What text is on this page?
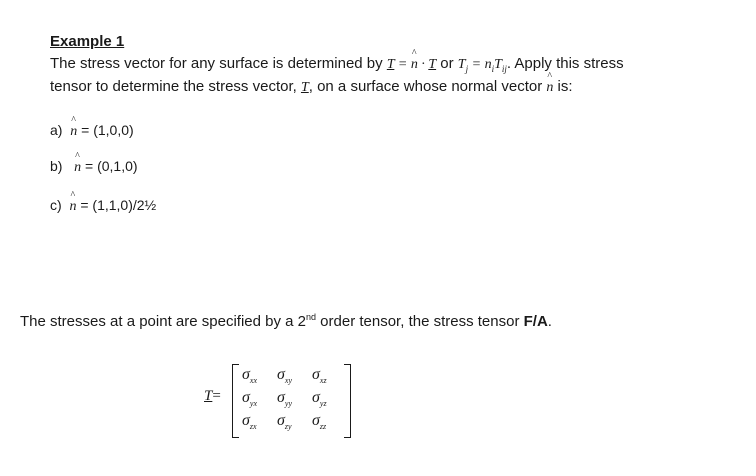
Example 1
The stress vector for any surface is determined by T = ^ n · T or $T_j = n_iT_{ij}$. Apply this stress
tensor to determine the stress vector, T, on a surface whose normal vector ^ n is:
a) ^ n = (1,0,0)
b) ^ n = (0,1,0)
c) ^ n = (1,1,0)/2½
The stresses at a point are specified by a 2nd order tensor, the stress tensor F/A.
T=
$\sigma_{xx}$ $\sigma_{xy}$ $\sigma_{xz}$
$\sigma_{yx}$ $\sigma_{yy}$ $\sigma_{yz}$
$\sigma_{zx}$ $\sigma_{zy}$ $\sigma_{zz}$
